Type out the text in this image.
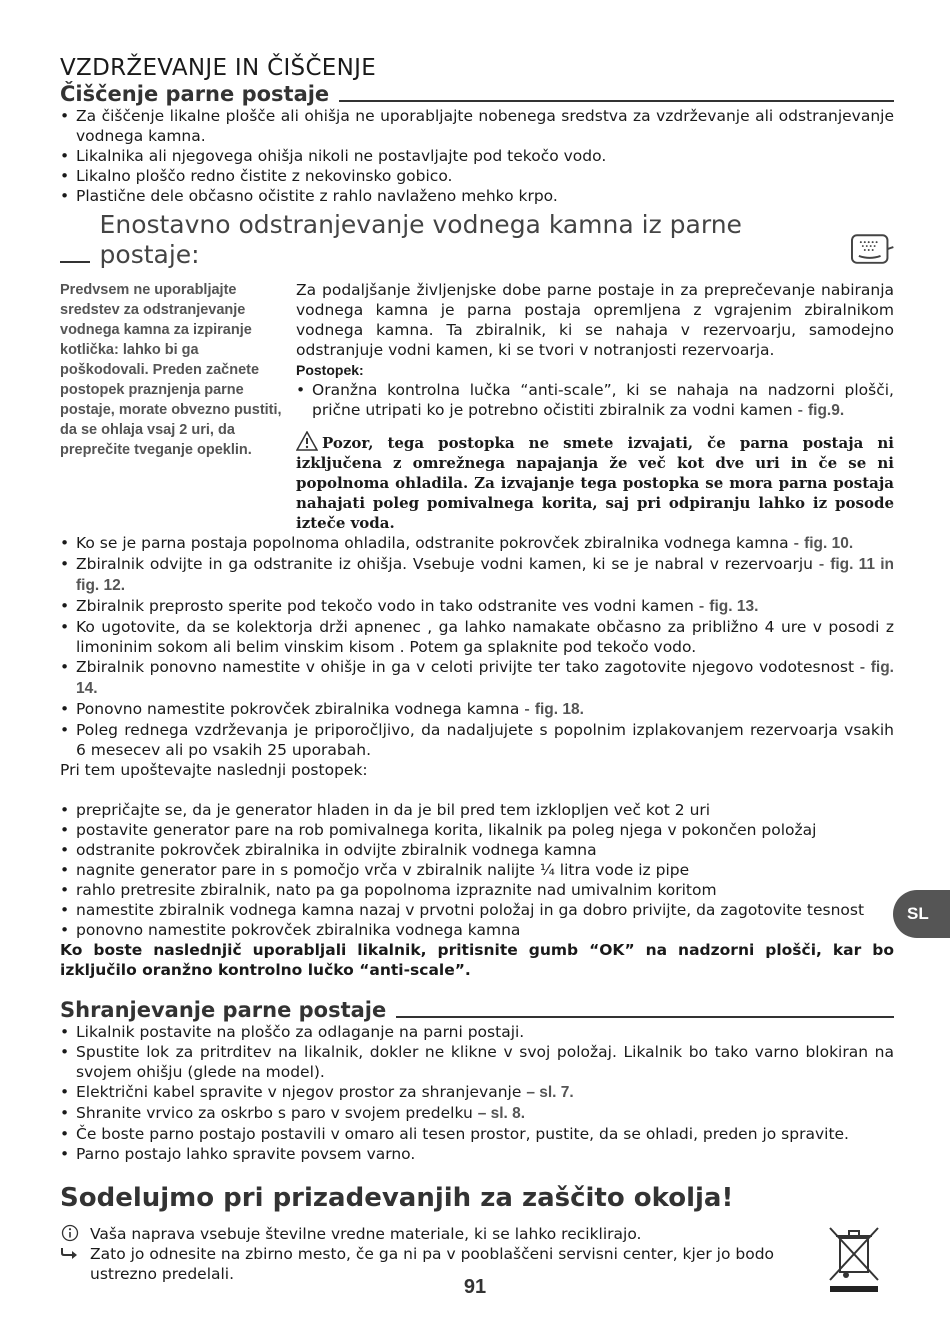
VZDRŽEVANJE IN ČIŠČENJE
Čiščenje parne postaje
• Za čiščenje likalne plošče ali ohišja ne uporabljajte nobenega sredstva za vzdrževanje ali odstranjevanje vodnega kamna.
• Likalnika ali njegovega ohišja nikoli ne postavljajte pod tekočo vodo.
• Likalno ploščo redno čistite z nekovinsko gobico.
• Plastične dele občasno očistite z rahlo navlaženo mehko krpo.
Enostavno odstranjevanje vodnega kamna iz parne postaje:
Predvsem ne uporabljajte sredstev za odstranjevanje vodnega kamna za izpiranje kotlička: lahko bi ga poškodovali. Preden začnete postopek praznjenja parne postaje, morate obvezno pustiti, da se ohlaja vsaj 2 uri, da preprečite tveganje opeklin.

Za podaljšanje življenjske dobe parne postaje in za preprečevanje nabiranja vodnega kamna je parna postaja opremljena z vgrajenim zbiralnikom vodnega kamna. Ta zbiralnik, ki se nahaja v rezervoarju, samodejno odstranjuje vodni kamen, ki se tvori v notranjosti rezervoarja.

Postopek:
• Oranžna kontrolna lučka “anti-scale”, ki se nahaja na nadzorni plošči, prične utripati ko je potrebno očistiti zbiralnik za vodni kamen - fig.9.
Pozor, tega postopka ne smete izvajati, če parna postaja ni izključena z omrežnega napajanja že več kot dve uri in če se ni popolnoma ohladila. Za izvajanje tega postopka se mora parna postaja nahajati poleg pomivalnega korita, saj pri odpiranju lahko iz posode izteče voda.
• Ko se je parna postaja popolnoma ohladila, odstranite pokrovček zbiralnika vodnega kamna - fig. 10.
• Zbiralnik odvijte in ga odstranite iz ohišja. Vsebuje vodni kamen, ki se je nabral v rezervoarju - fig. 11 in fig. 12.
• Zbiralnik preprosto sperite pod tekočo vodo in tako odstranite ves vodni kamen - fig. 13.
• Ko ugotovite, da se kolektorja drži apnenec , ga lahko namakate občasno za približno 4 ure v posodi z limoninim sokom ali belim vinskim kisom . Potem ga splaknite pod tekočo vodo.
• Zbiralnik ponovno namestite v ohišje in ga v celoti privijte ter tako zagotovite njegovo vodotesnost - fig. 14.
• Ponovno namestite pokrovček zbiralnika vodnega kamna - fig. 18.
• Poleg rednega vzdrževanja je priporočljivo, da nadaljujete s popolnim izplakovanjem rezervoarja vsakih 6 mesecev ali po vsakih 25 uporabah.

Pri tem upoštevajte naslednji postopek:

• prepričajte se, da je generator hladen in da je bil pred tem izklopljen več kot 2 uri
• postavite generator pare na rob pomivalnega korita, likalnik pa poleg njega v pokončen položaj
• odstranite pokrovček zbiralnika in odvijte zbiralnik vodnega kamna
• nagnite generator pare in s pomočjo vrča v zbiralnik nalijte ¼ litra vode iz pipe
• rahlo pretresite zbiralnik, nato pa ga popolnoma izpraznite nad umivalnim koritom
• namestite zbiralnik vodnega kamna nazaj v prvotni položaj in ga dobro privijte, da zagotovite tesnost
• ponovno namestite pokrovček zbiralnika vodnega kamna

Ko boste naslednjič uporabljali likalnik, pritisnite gumb “OK” na nadzorni plošči, kar bo izključilo oranžno kontrolno lučko “anti-scale”.

Shranjevanje parne postaje
• Likalnik postavite na ploščo za odlaganje na parni postaji.
• Spustite lok za pritrditev na likalnik, dokler ne klikne v svoj položaj. Likalnik bo tako varno blokiran na svojem ohišju (glede na model).
• Električni kabel spravite v njegov prostor za shranjevanje – sl. 7.
• Shranite vrvico za oskrbo s paro v svojem predelku – sl. 8.
• Če boste parno postajo postavili v omaro ali tesen prostor, pustite, da se ohladi, preden jo spravite.
• Parno postajo lahko spravite povsem varno.
Sodelujmo pri prizadevanjih za zaščito okolja!
Vaša naprava vsebuje številne vredne materiale, ki se lahko reciklirajo.
Zato jo odnesite na zbirno mesto, če ga ni pa v pooblaščeni servisni center, kjer jo bodo ustrezno predelali.
SL
91
